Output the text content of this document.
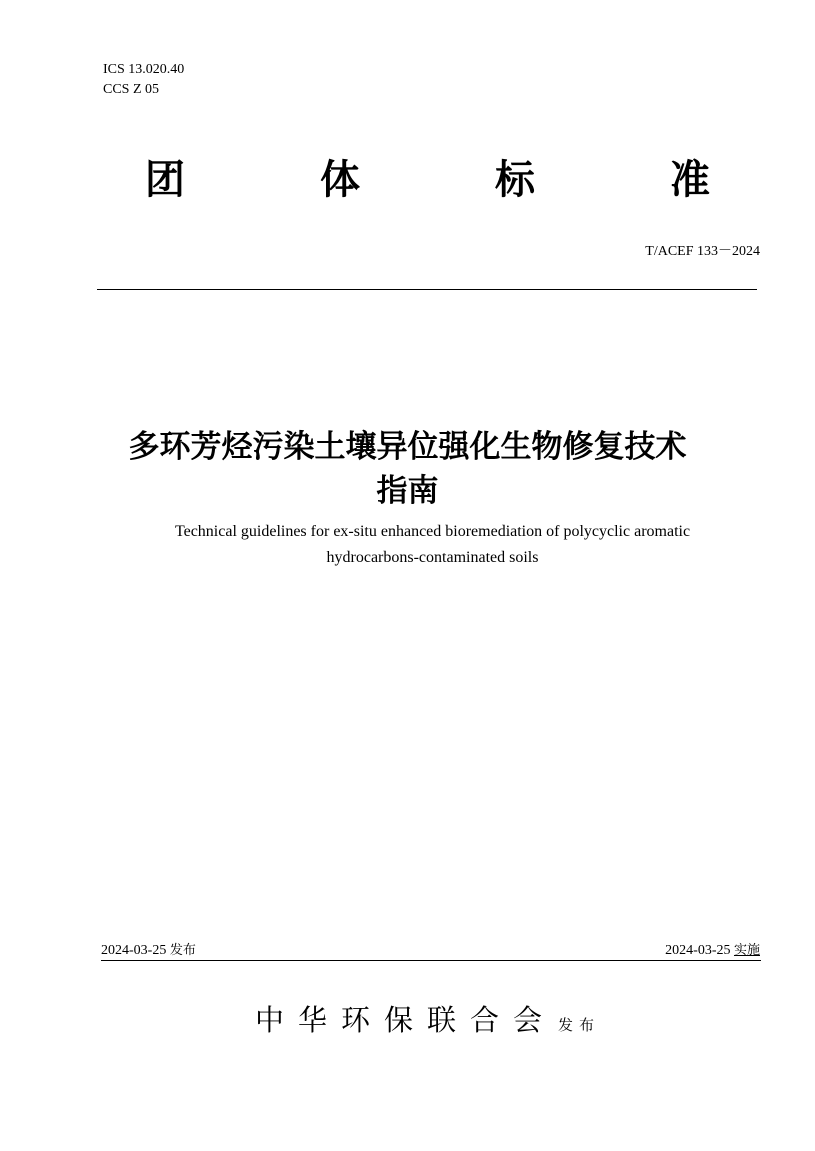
ICS 13.020.40
CCS Z 05
团	体	标	准
T/ACEF 133－2024
多环芳烃污染土壤异位强化生物修复技术
指南
Technical guidelines for ex-situ enhanced bioremediation of polycyclic aromatic
hydrocarbons-contaminated soils
2024-03-25 发布	2024-03-25 实施
中华环保联合会 发布
